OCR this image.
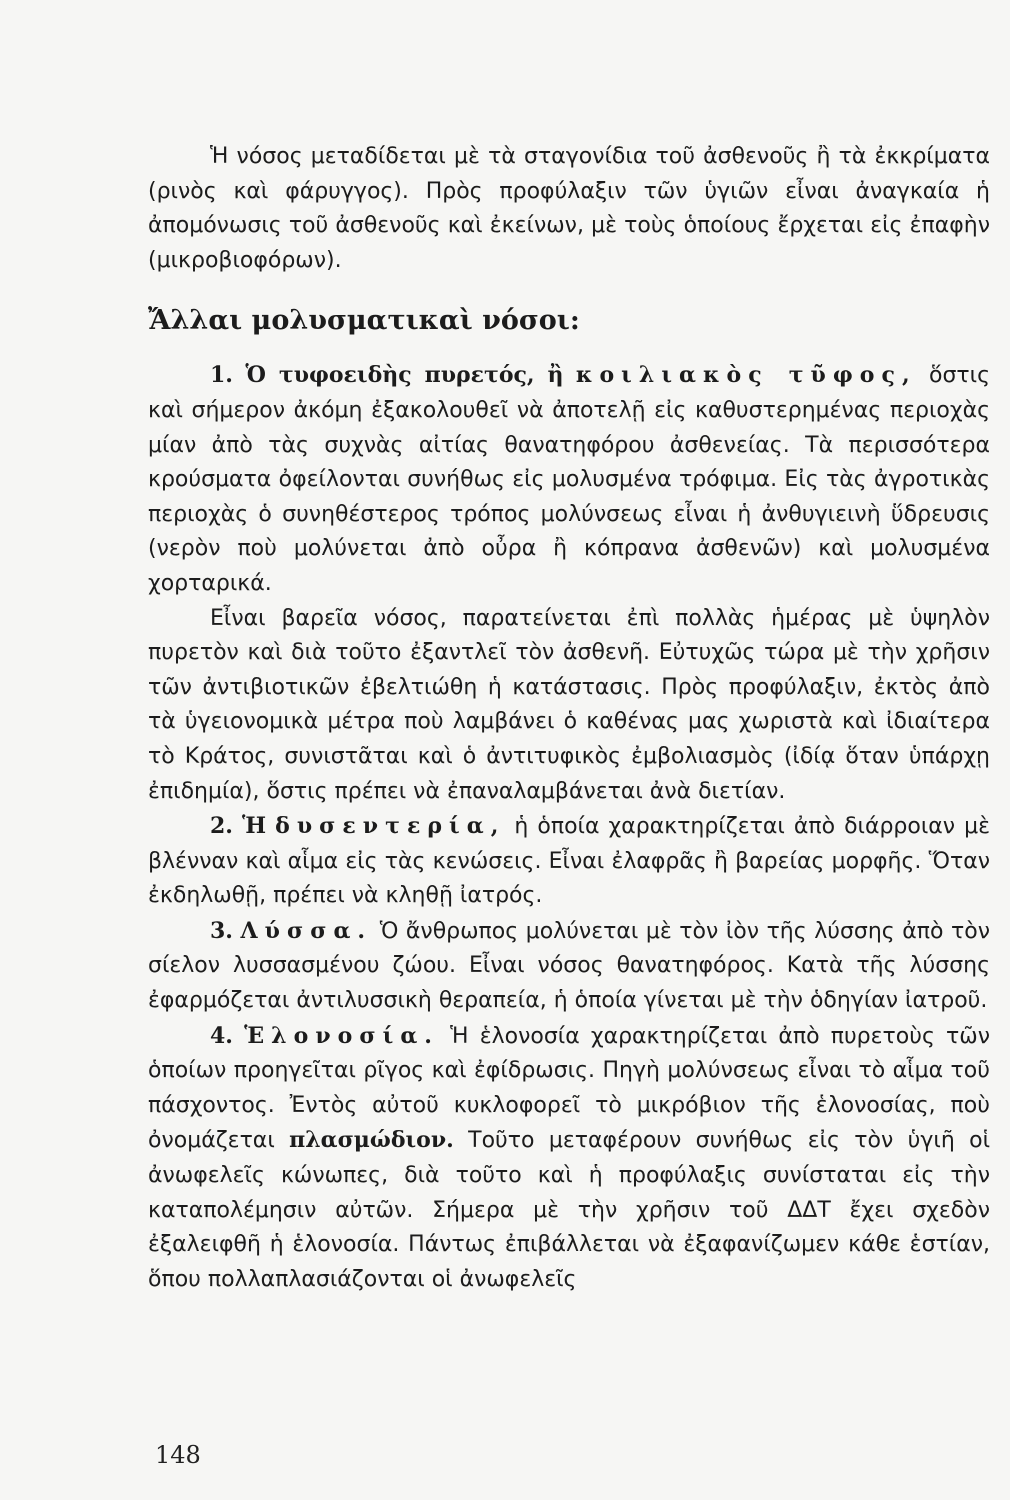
Ἡ νόσος μεταδίδεται μὲ τὰ σταγονίδια τοῦ ἀσθενοῦς ἢ τὰ ἐκκρίματα (ρινὸς καὶ φάρυγγος). Πρὸς προφύλαξιν τῶν ὑγιῶν εἶναι ἀναγκαία ἡ ἀπομόνωσις τοῦ ἀσθενοῦς καὶ ἐκείνων, μὲ τοὺς ὁποίους ἔρχεται εἰς ἐπαφὴν (μικροβιοφόρων).

Ἄλλαι μολυσματικαὶ νόσοι:

1. Ὁ τυφοειδὴς πυρετός, ἢ κοιλιακὸς τῦφος, ὅστις καὶ σήμερον ἀκόμη ἐξακολουθεῖ νὰ ἀποτελῇ εἰς καθυστερημένας περιοχὰς μίαν ἀπὸ τὰς συχνὰς αἰτίας θανατηφόρου ἀσθενείας. Τὰ περισσότερα κρούσματα ὀφείλονται συνήθως εἰς μολυσμένα τρόφιμα. Εἰς τὰς ἀγροτικὰς περιοχὰς ὁ συνηθέστερος τρόπος μολύνσεως εἶναι ἡ ἀνθυγιεινὴ ὕδρευσις (νερὸν ποὺ μολύνεται ἀπὸ οὖρα ἢ κόπρανα ἀσθενῶν) καὶ μολυσμένα χορταρικά.

Εἶναι βαρεῖα νόσος, παρατείνεται ἐπὶ πολλὰς ἡμέρας μὲ ὑψηλὸν πυρετὸν καὶ διὰ τοῦτο ἐξαντλεῖ τὸν ἀσθενῆ. Εὐτυχῶς τώρα μὲ τὴν χρῆσιν τῶν ἀντιβιοτικῶν ἐβελτιώθη ἡ κατάστασις. Πρὸς προφύλαξιν, ἐκτὸς ἀπὸ τὰ ὑγειονομικὰ μέτρα ποὺ λαμβάνει ὁ καθένας μας χωριστὰ καὶ ἰδιαίτερα τὸ Κράτος, συνιστᾶται καὶ ὁ ἀντιτυφικὸς ἐμβολιασμὸς (ἰδίᾳ ὅταν ὑπάρχῃ ἐπιδημία), ὅστις πρέπει νὰ ἐπαναλαμβάνεται ἀνὰ διετίαν.

2. Ἡ δυσεντερία, ἡ ὁποία χαρακτηρίζεται ἀπὸ διάρροιαν μὲ βλένναν καὶ αἷμα εἰς τὰς κενώσεις. Εἶναι ἐλαφρᾶς ἢ βαρείας μορφῆς. Ὅταν ἐκδηλωθῇ, πρέπει νὰ κληθῇ ἰατρός.

3. Λύσσα. Ὁ ἄνθρωπος μολύνεται μὲ τὸν ἰὸν τῆς λύσσης ἀπὸ τὸν σίελον λυσσασμένου ζώου. Εἶναι νόσος θανατηφόρος. Κατὰ τῆς λύσσης ἐφαρμόζεται ἀντιλυσσικὴ θεραπεία, ἡ ὁποία γίνεται μὲ τὴν ὁδηγίαν ἰατροῦ.

4. Ἑλονοσία. Ἡ ἑλονοσία χαρακτηρίζεται ἀπὸ πυρετοὺς τῶν ὁποίων προηγεῖται ρῖγος καὶ ἐφίδρωσις. Πηγὴ μολύνσεως εἶναι τὸ αἷμα τοῦ πάσχοντος. Ἐντὸς αὐτοῦ κυκλοφορεῖ τὸ μικρόβιον τῆς ἑλονοσίας, ποὺ ὀνομάζεται πλασμώδιον. Τοῦτο μεταφέρουν συνήθως εἰς τὸν ὑγιῆ οἱ ἀνωφελεῖς κώνωπες, διὰ τοῦτο καὶ ἡ προφύλαξις συνίσταται εἰς τὴν καταπολέμησιν αὐτῶν. Σήμερα μὲ τὴν χρῆσιν τοῦ ΔΔΤ ἔχει σχεδὸν ἐξαλειφθῆ ἡ ἑλονοσία. Πάντως ἐπιβάλλεται νὰ ἐξαφανίζωμεν κάθε ἑστίαν, ὅπου πολλαπλασιάζονται οἱ ἀνωφελεῖς

148
